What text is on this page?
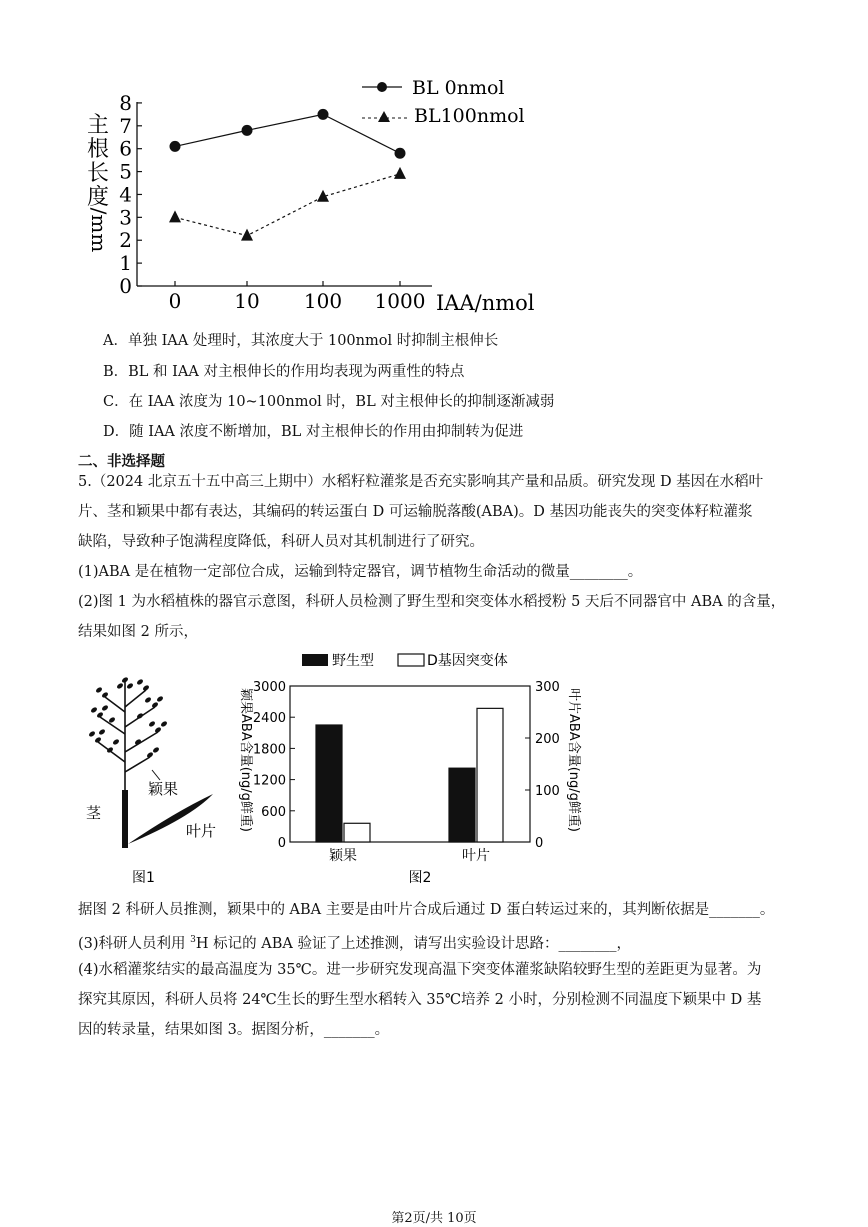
主
根
长
度
/mm
0
1
2
3
4
5
6
7
8
0	10 100 1000 IAA/nmol
BL 0nmol
BL100nmol
A．单独 IAA 处理时，其浓度大于 100nmol 时抑制主根伸长
B．BL 和 IAA 对主根伸长的作用均表现为两重性的特点
C．在 IAA 浓度为 10~100nmol 时，BL 对主根伸长的抑制逐渐减弱
D．随 IAA 浓度不断增加，BL 对主根伸长的作用由抑制转为促进
二、非选择题
5.（2024 北京五十五中高三上期中）水稻籽粒灌浆是否充实影响其产量和品质。研究发现 D 基因在水稻叶
片、茎和颖果中都有表达，其编码的转运蛋白 D 可运输脱落酸(ABA)。D 基因功能丧失的突变体籽粒灌浆
缺陷，导致种子饱满程度降低，科研人员对其机制进行了研究。
(1)ABA 是在植物一定部位合成，运输到特定器官，调节植物生命活动的微量________。
(2)图 1 为水稻植株的器官示意图，科研人员检测了野生型和突变体水稻授粉 5 天后不同器官中 ABA 的含量，
结果如图 2 所示，
颖果
茎
叶片
图1
野生型	D基因突变体
颖果ABA含量(ng/g鲜重)	叶片ABA含量(ng/g鲜重)
0
600
1200
1800
2400
3000
0
100
200
300
颖果	叶片
图2
据图 2 科研人员推测，颖果中的 ABA 主要是由叶片合成后通过 D 蛋白转运过来的，其判断依据是_______。
(3)科研人员利用 $^3$H 标记的 ABA 验证了上述推测，请写出实验设计思路：________，
(4)水稻灌浆结实的最高温度为 35℃。进一步研究发现高温下突变体灌浆缺陷较野生型的差距更为显著。为
探究其原因，科研人员将 24℃生长的野生型水稻转入 35℃培养 2 小时，分别检测不同温度下颖果中 D 基
因的转录量，结果如图 3。据图分析，_______。
第2页/共 10页
